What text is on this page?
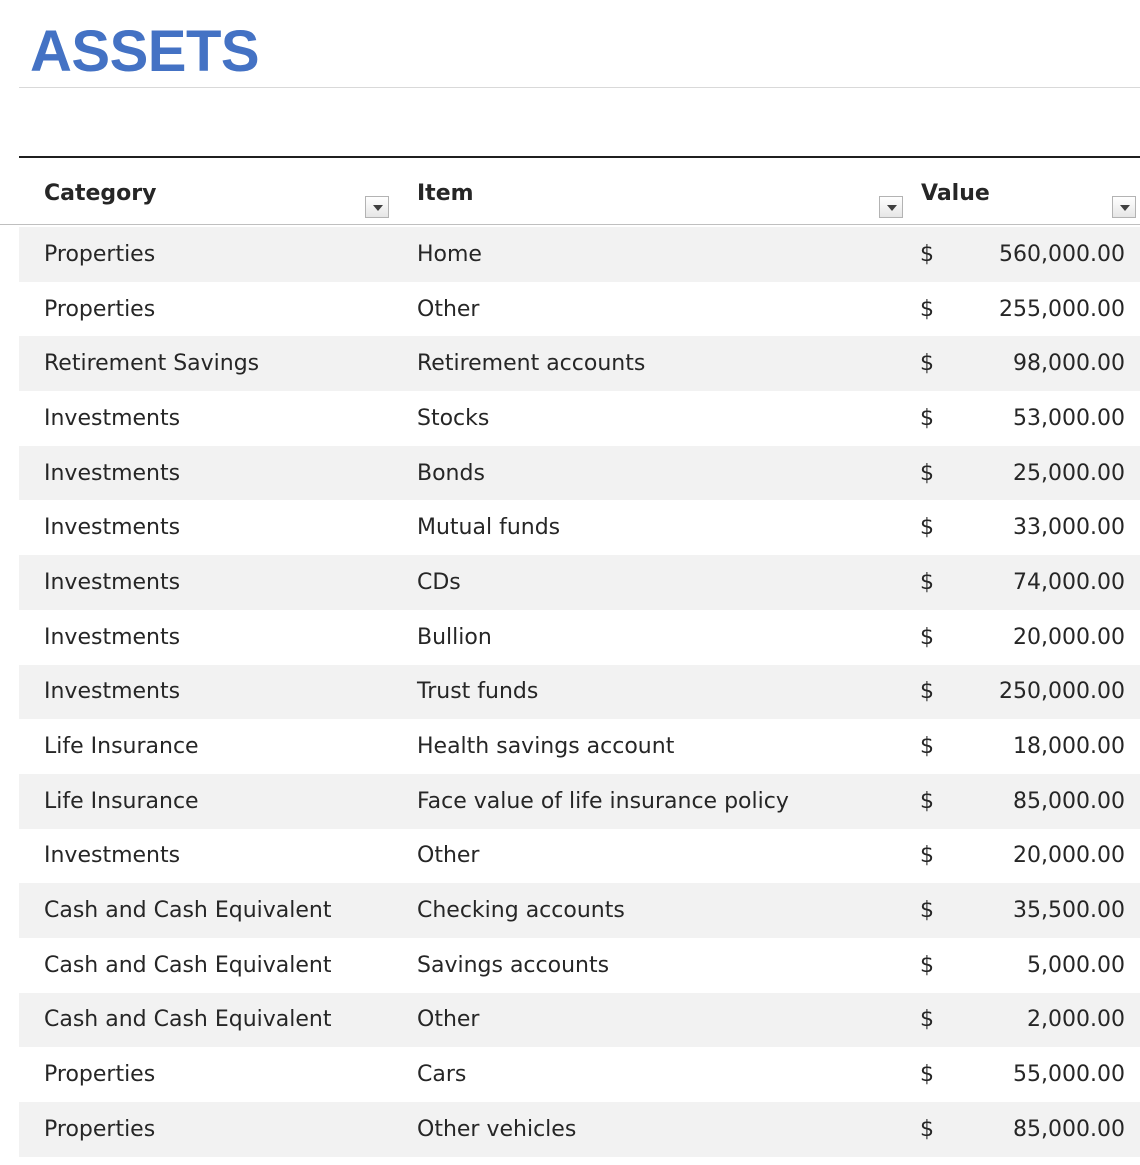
ASSETS
Category	Item	Value
Properties	Home	$	560,000.00
Properties	Other	$	255,000.00
Retirement Savings	Retirement accounts	$	98,000.00
Investments	Stocks	$	53,000.00
Investments	Bonds	$	25,000.00
Investments	Mutual funds	$	33,000.00
Investments	CDs	$	74,000.00
Investments	Bullion	$	20,000.00
Investments	Trust funds	$	250,000.00
Life Insurance	Health savings account	$	18,000.00
Life Insurance	Face value of life insurance policy	$	85,000.00
Investments	Other	$	20,000.00
Cash and Cash Equivalent	Checking accounts	$	35,500.00
Cash and Cash Equivalent	Savings accounts	$	5,000.00
Cash and Cash Equivalent	Other	$	2,000.00
Properties	Cars	$	55,000.00
Properties	Other vehicles	$	85,000.00
